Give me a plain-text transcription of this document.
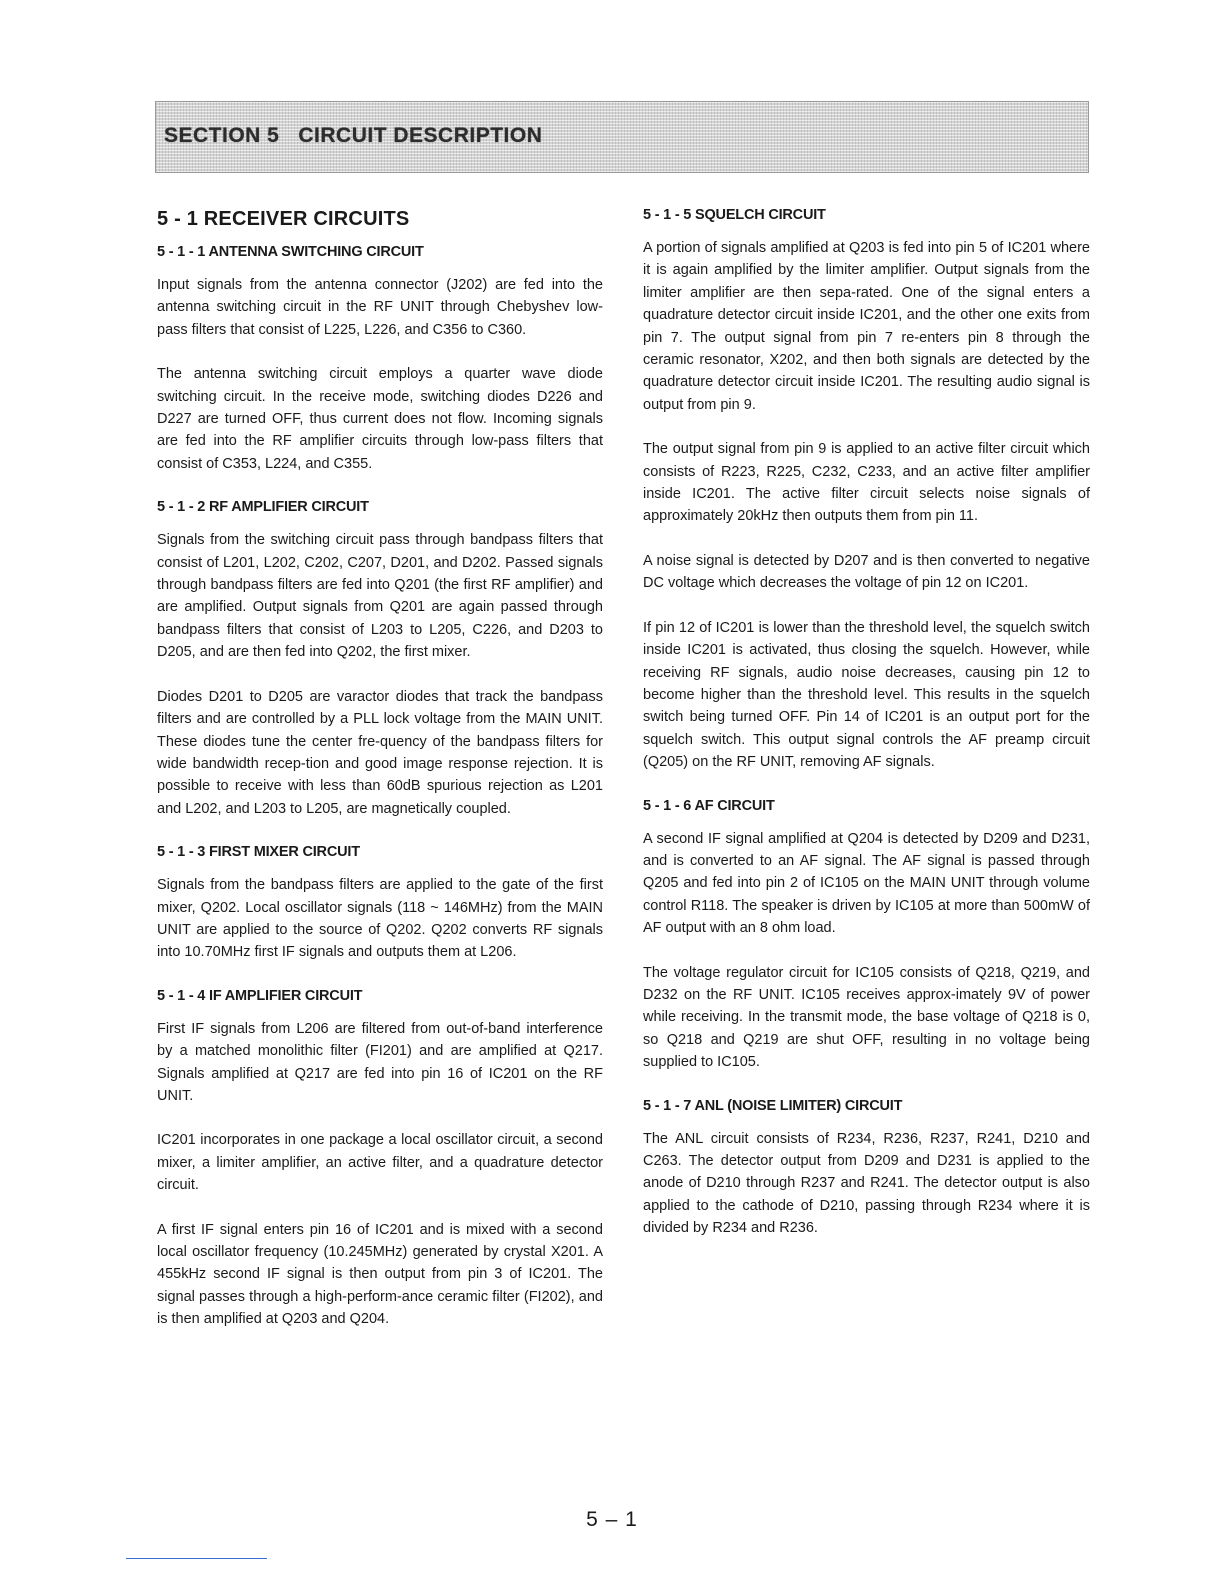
SECTION 5   CIRCUIT DESCRIPTION
5 - 1 RECEIVER CIRCUITS
5 - 1 - 1 ANTENNA SWITCHING CIRCUIT

Input signals from the antenna connector (J202) are fed into the antenna switching circuit in the RF UNIT through Chebyshev low-pass filters that consist of L225, L226, and C356 to C360.

The antenna switching circuit employs a quarter wave diode switching circuit. In the receive mode, switching diodes D226 and D227 are turned OFF, thus current does not flow. Incoming signals are fed into the RF amplifier circuits through low-pass filters that consist of C353, L224, and C355.

5 - 1 - 2 RF AMPLIFIER CIRCUIT

Signals from the switching circuit pass through bandpass filters that consist of L201, L202, C202, C207, D201, and D202. Passed signals through bandpass filters are fed into Q201 (the first RF amplifier) and are amplified. Output signals from Q201 are again passed through bandpass filters that consist of L203 to L205, C226, and D203 to D205, and are then fed into Q202, the first mixer.

Diodes D201 to D205 are varactor diodes that track the bandpass filters and are controlled by a PLL lock voltage from the MAIN UNIT. These diodes tune the center fre-quency of the bandpass filters for wide bandwidth recep-tion and good image response rejection. It is possible to receive with less than 60dB spurious rejection as L201 and L202, and L203 to L205, are magnetically coupled.

5 - 1 - 3 FIRST MIXER CIRCUIT

Signals from the bandpass filters are applied to the gate of the first mixer, Q202. Local oscillator signals (118 ~ 146MHz) from the MAIN UNIT are applied to the source of Q202. Q202 converts RF signals into 10.70MHz first IF signals and outputs them at L206.

5 - 1 - 4 IF AMPLIFIER CIRCUIT

First IF signals from L206 are filtered from out-of-band interference by a matched monolithic filter (FI201) and are amplified at Q217. Signals amplified at Q217 are fed into pin 16 of IC201 on the RF UNIT.

IC201 incorporates in one package a local oscillator circuit, a second mixer, a limiter amplifier, an active filter, and a quadrature detector circuit.

A first IF signal enters pin 16 of IC201 and is mixed with a second local oscillator frequency (10.245MHz) generated by crystal X201. A 455kHz second IF signal is then output from pin 3 of IC201. The signal passes through a high-perform-ance ceramic filter (FI202), and is then amplified at Q203 and Q204.

5 - 1 - 5 SQUELCH CIRCUIT

A portion of signals amplified at Q203 is fed into pin 5 of IC201 where it is again amplified by the limiter amplifier. Output signals from the limiter amplifier are then sepa-rated. One of the signal enters a quadrature detector circuit inside IC201, and the other one exits from pin 7. The output signal from pin 7 re-enters pin 8 through the ceramic resonator, X202, and then both signals are detected by the quadrature detector circuit inside IC201. The resulting audio signal is output from pin 9.

The output signal from pin 9 is applied to an active filter circuit which consists of R223, R225, C232, C233, and an active filter amplifier inside IC201. The active filter circuit selects noise signals of approximately 20kHz then outputs them from pin 11.

A noise signal is detected by D207 and is then converted to negative DC voltage which decreases the voltage of pin 12 on IC201.

If pin 12 of IC201 is lower than the threshold level, the squelch switch inside IC201 is activated, thus closing the squelch. However, while receiving RF signals, audio noise decreases, causing pin 12 to become higher than the threshold level. This results in the squelch switch being turned OFF. Pin 14 of IC201 is an output port for the squelch switch. This output signal controls the AF preamp circuit (Q205) on the RF UNIT, removing AF signals.

5 - 1 - 6 AF CIRCUIT

A second IF signal amplified at Q204 is detected by D209 and D231, and is converted to an AF signal. The AF signal is passed through Q205 and fed into pin 2 of IC105 on the MAIN UNIT through volume control R118. The speaker is driven by IC105 at more than 500mW of AF output with an 8 ohm load.

The voltage regulator circuit for IC105 consists of Q218, Q219, and D232 on the RF UNIT. IC105 receives approx-imately 9V of power while receiving. In the transmit mode, the base voltage of Q218 is 0, so Q218 and Q219 are shut OFF, resulting in no voltage being supplied to IC105.

5 - 1 - 7 ANL (NOISE LIMITER) CIRCUIT

The ANL circuit consists of R234, R236, R237, R241, D210 and C263. The detector output from D209 and D231 is applied to the anode of D210 through R237 and R241. The detector output is also applied to the cathode of D210, passing through R234 where it is divided by R234 and R236.

5 – 1
